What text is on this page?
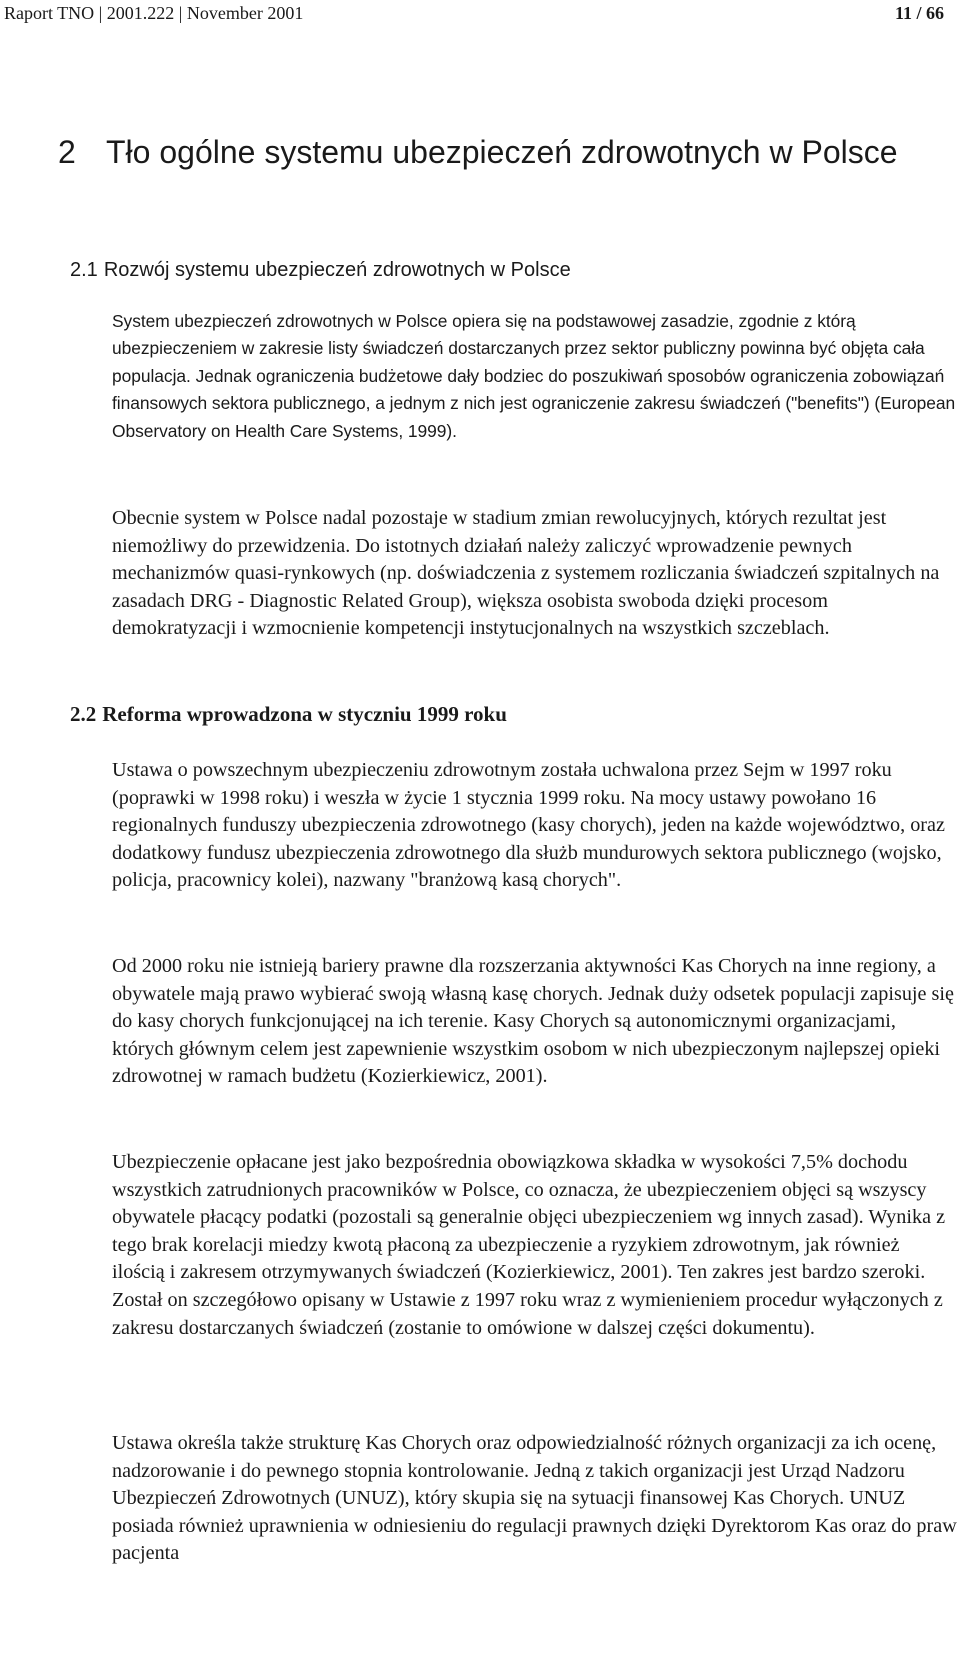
Raport TNO | 2001.222 | November 2001	11 / 66
2 Tło ogólne systemu ubezpieczeń zdrowotnych w Polsce
2.1 Rozwój systemu ubezpieczeń zdrowotnych w Polsce

System ubezpieczeń zdrowotnych w Polsce opiera się na podstawowej zasadzie, zgodnie z którą ubezpieczeniem w zakresie listy świadczeń dostarczanych przez sektor publiczny powinna być objęta cała populacja. Jednak ograniczenia budżetowe dały bodziec do poszukiwań sposobów ograniczenia zobowiązań finansowych sektora publicznego, a jednym z nich jest ograniczenie zakresu świadczeń ("benefits") (European Observatory on Health Care Systems, 1999).

Obecnie system w Polsce nadal pozostaje w stadium zmian rewolucyjnych, których rezultat jest niemożliwy do przewidzenia. Do istotnych działań należy zaliczyć wprowadzenie pewnych mechanizmów quasi-rynkowych (np. doświadczenia z systemem rozliczania świadczeń szpitalnych na zasadach DRG - Diagnostic Related Group), większa osobista swoboda dzięki procesom demokratyzacji i wzmocnienie kompetencji instytucjonalnych na wszystkich szczeblach.

2.2 Reforma wprowadzona w styczniu 1999 roku

Ustawa o powszechnym ubezpieczeniu zdrowotnym została uchwalona przez Sejm w 1997 roku (poprawki w 1998 roku) i weszła w życie 1 stycznia 1999 roku. Na mocy ustawy powołano 16 regionalnych funduszy ubezpieczenia zdrowotnego (kasy chorych), jeden na każde województwo, oraz dodatkowy fundusz ubezpieczenia zdrowotnego dla służb mundurowych sektora publicznego (wojsko, policja, pracownicy kolei), nazwany "branżową kasą chorych".

Od 2000 roku nie istnieją bariery prawne dla rozszerzania aktywności Kas Chorych na inne regiony, a obywatele mają prawo wybierać swoją własną kasę chorych. Jednak duży odsetek populacji zapisuje się do kasy chorych funkcjonującej na ich terenie. Kasy Chorych są autonomicznymi organizacjami, których głównym celem jest zapewnienie wszystkim osobom w nich ubezpieczonym najlepszej opieki zdrowotnej w ramach budżetu (Kozierkiewicz, 2001).

Ubezpieczenie opłacane jest jako bezpośrednia obowiązkowa składka w wysokości 7,5% dochodu wszystkich zatrudnionych pracowników w Polsce, co oznacza, że ubezpieczeniem objęci są wszyscy obywatele płacący podatki (pozostali są generalnie objęci ubezpieczeniem wg innych zasad). Wynika z tego brak korelacji miedzy kwotą płaconą za ubezpieczenie a ryzykiem zdrowotnym, jak również ilością i zakresem otrzymywanych świadczeń (Kozierkiewicz, 2001). Ten zakres jest bardzo szeroki. Został on szczegółowo opisany w Ustawie z 1997 roku wraz z wymienieniem procedur wyłączonych z zakresu dostarczanych świadczeń (zostanie to omówione w dalszej części dokumentu).

Ustawa określa także strukturę Kas Chorych oraz odpowiedzialność różnych organizacji za ich ocenę, nadzorowanie i do pewnego stopnia kontrolowanie. Jedną z takich organizacji jest Urząd Nadzoru Ubezpieczeń Zdrowotnych (UNUZ), który skupia się na sytuacji finansowej Kas Chorych. UNUZ posiada również uprawnienia w odniesieniu do regulacji prawnych dzięki Dyrektorom Kas oraz do praw pacjenta
